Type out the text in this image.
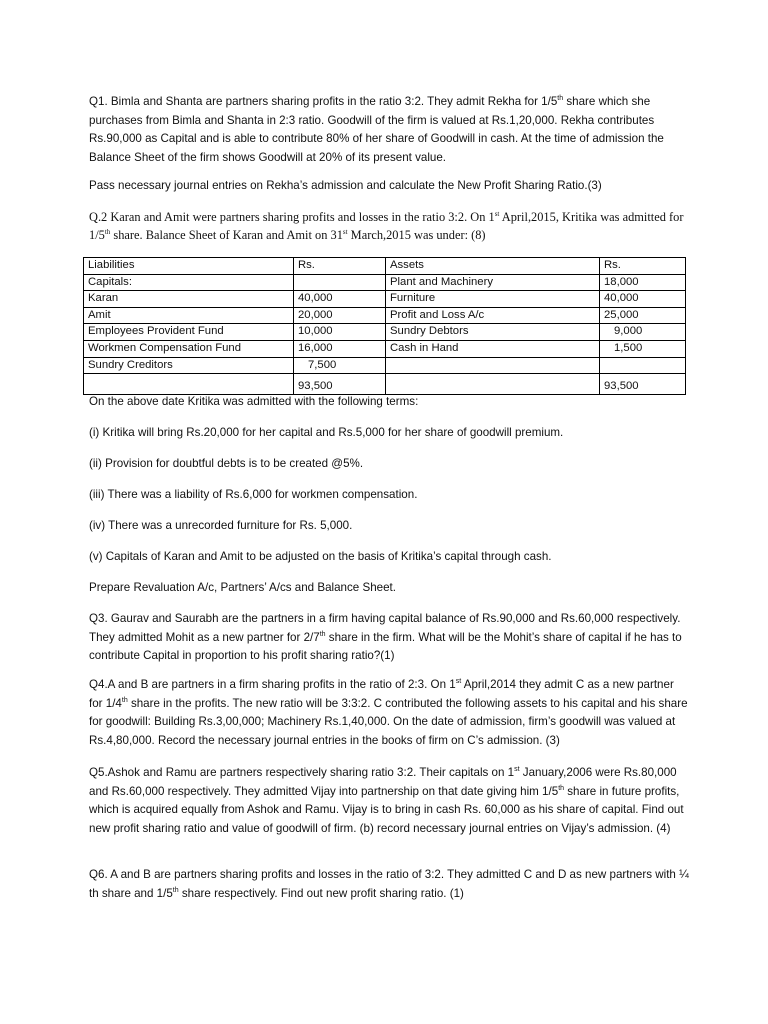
Q1. Bimla and Shanta are partners sharing profits in the ratio 3:2. They admit Rekha for 1/5th share which she purchases from Bimla and Shanta in 2:3 ratio. Goodwill of the firm is valued at Rs.1,20,000. Rekha contributes Rs.90,000 as Capital and is able to contribute 80% of her share of Goodwill in cash. At the time of admission the Balance Sheet of the firm shows Goodwill at 20% of its present value.

Pass necessary journal entries on Rekha’s admission and calculate the New Profit Sharing Ratio.(3)

Q.2 Karan and Amit were partners sharing profits and losses in the ratio 3:2. On 1st April,2015, Kritika was admitted for 1/5th share. Balance Sheet of Karan and Amit on 31st March,2015 was under: (8)

Liabilities	Rs.	Assets	Rs.
Capitals:		Plant and Machinery	18,000
Karan	40,000	Furniture	40,000
Amit	20,000	Profit and Loss A/c	25,000
Employees Provident Fund	10,000	Sundry Debtors	9,000
Workmen Compensation Fund	16,000	Cash in Hand	1,500
Sundry Creditors	7,500		
	93,500		93,500

On the above date Kritika was admitted with the following terms:

(i) Kritika will bring Rs.20,000 for her capital and Rs.5,000 for her share of goodwill premium.

(ii) Provision for doubtful debts is to be created @5%.

(iii) There was a liability of Rs.6,000 for workmen compensation.

(iv) There was a unrecorded furniture for Rs. 5,000.

(v) Capitals of Karan and Amit to be adjusted on the basis of Kritika’s capital through cash.

Prepare Revaluation A/c, Partners’ A/cs and Balance Sheet.

Q3. Gaurav and Saurabh are the partners in a firm having capital balance of Rs.90,000 and Rs.60,000 respectively. They admitted Mohit as a new partner for 2/7th share in the firm. What will be the Mohit’s share of capital if he has to contribute Capital in proportion to his profit sharing ratio?(1)

Q4.A and B are partners in a firm sharing profits in the ratio of 2:3. On 1st April,2014 they admit C as a new partner for 1/4th share in the profits. The new ratio will be 3:3:2. C contributed the following assets to his capital and his share for goodwill: Building Rs.3,00,000; Machinery Rs.1,40,000. On the date of admission, firm’s goodwill was valued at Rs.4,80,000. Record the necessary journal entries in the books of firm on C’s admission. (3)

Q5.Ashok and Ramu are partners respectively sharing ratio 3:2. Their capitals on 1st January,2006 were Rs.80,000 and Rs.60,000 respectively. They admitted Vijay into partnership on that date giving him 1/5th share in future profits, which is acquired equally from Ashok and Ramu. Vijay is to bring in cash Rs. 60,000 as his share of capital. Find out new profit sharing ratio and value of goodwill of firm. (b) record necessary journal entries on Vijay’s admission. (4)

Q6. A and B are partners sharing profits and losses in the ratio of 3:2. They admitted C and D as new partners with ¼ th share and 1/5th share respectively. Find out new profit sharing ratio. (1)
